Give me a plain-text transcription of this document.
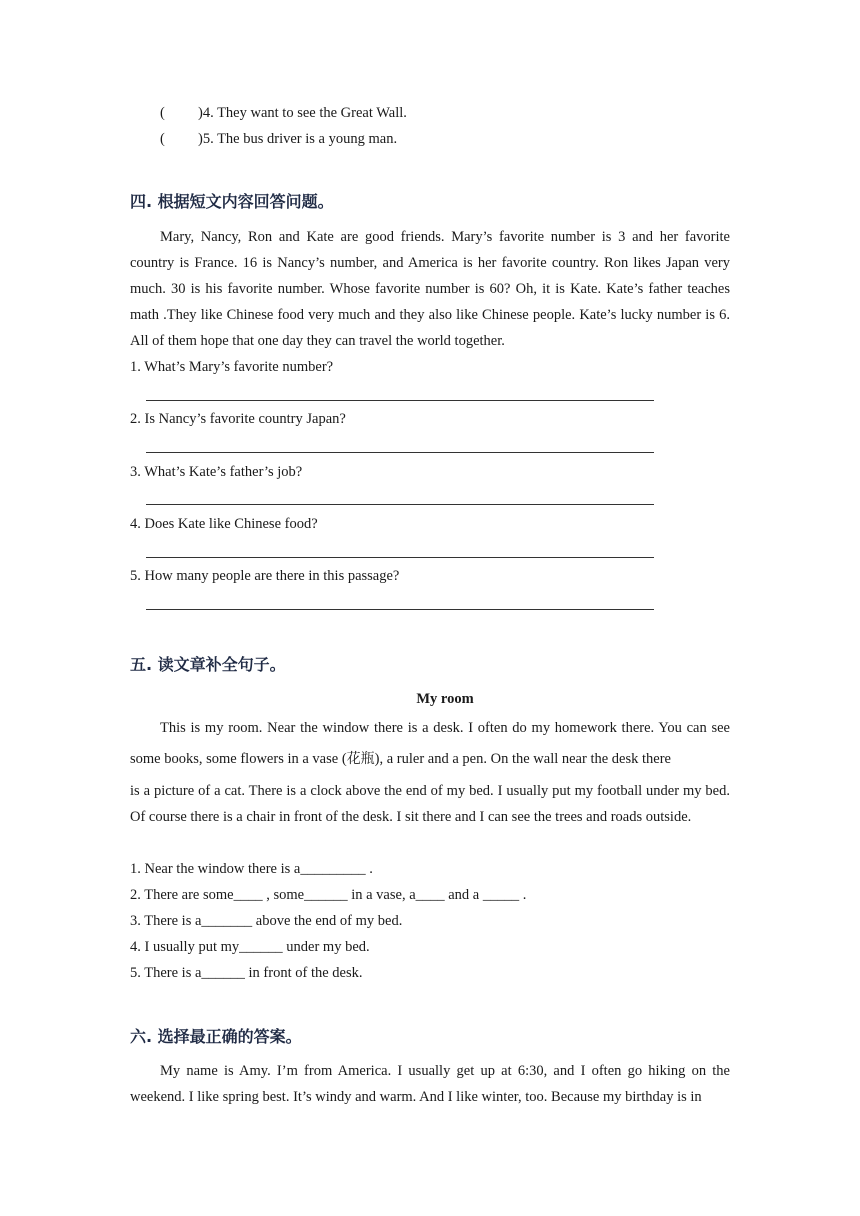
( )4. They want to see the Great Wall.
( )5. The bus driver is a young man.
四. 根据短文内容回答问题。

Mary, Nancy, Ron and Kate are good friends. Mary’s favorite number is 3 and her favorite country is France. 16 is Nancy’s number, and America is her favorite country. Ron likes Japan very much. 30 is his favorite number. Whose favorite number is 60? Oh, it is Kate. Kate’s father teaches math .They like Chinese food very much and they also like Chinese people. Kate’s lucky number is 6. All of them hope that one day they can travel the world together.

1. What’s Mary’s favorite number?
2. Is Nancy’s favorite country Japan?
3. What’s Kate’s father’s job?
4. Does Kate like Chinese food?
5. How many people are there in this passage?
五. 读文章补全句子。
My room

This is my room. Near the window there is a desk. I often do my homework there. You can see some books, some flowers in a vase (花瓶), a ruler and a pen. On the wall near the desk there

is a picture of a cat. There is a clock above the end of my bed. I usually put my football under my bed. Of course there is a chair in front of the desk. I sit there and I can see the trees and roads outside.

1. Near the window there is a_________ .
2. There are some____ , some______ in a vase, a____ and a _____ .
3. There is a_______ above the end of my bed.
4. I usually put my______ under my bed.
5. There is a______ in front of the desk.
六. 选择最正确的答案。

My name is Amy. I’m from America. I usually get up at 6:30, and I often go hiking on the weekend. I like spring best. It’s windy and warm. And I like winter, too. Because my birthday is in
